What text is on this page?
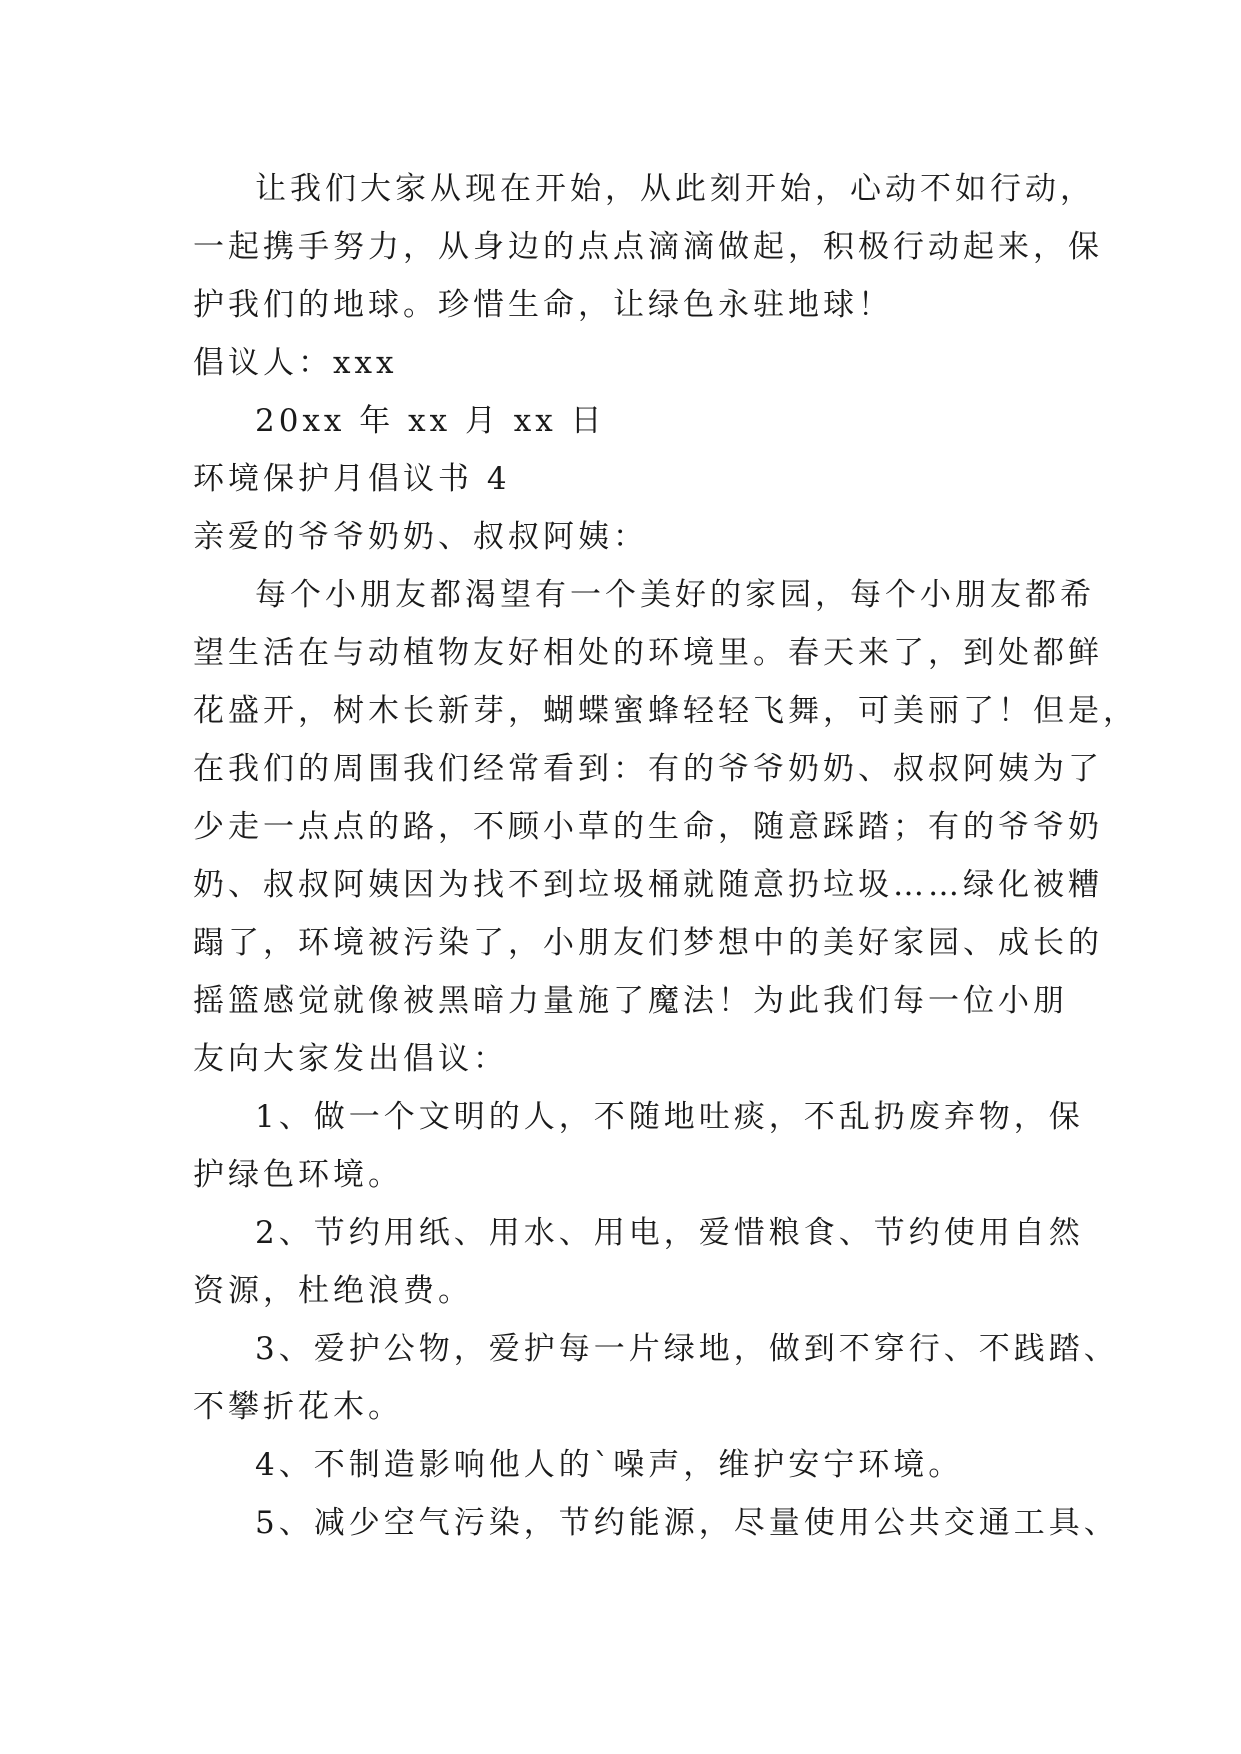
让我们大家从现在开始，从此刻开始，心动不如行动，

一起携手努力，从身边的点点滴滴做起，积极行动起来，保

护我们的地球。珍惜生命，让绿色永驻地球！

倡议人：xxx

20xx 年 xx 月 xx 日

环境保护月倡议书 4

亲爱的爷爷奶奶、叔叔阿姨：

每个小朋友都渴望有一个美好的家园，每个小朋友都希

望生活在与动植物友好相处的环境里。春天来了，到处都鲜

花盛开，树木长新芽，蝴蝶蜜蜂轻轻飞舞，可美丽了！但是，

在我们的周围我们经常看到：有的爷爷奶奶、叔叔阿姨为了

少走一点点的路，不顾小草的生命，随意踩踏；有的爷爷奶

奶、叔叔阿姨因为找不到垃圾桶就随意扔垃圾……绿化被糟

蹋了，环境被污染了，小朋友们梦想中的美好家园、成长的

摇篮感觉就像被黑暗力量施了魔法！为此我们每一位小朋

友向大家发出倡议：

1、做一个文明的人，不随地吐痰，不乱扔废弃物，保

护绿色环境。

2、节约用纸、用水、用电，爱惜粮食、节约使用自然

资源，杜绝浪费。

3、爱护公物，爱护每一片绿地，做到不穿行、不践踏、

不攀折花木。

4、不制造影响他人的`噪声，维护安宁环境。

5、减少空气污染，节约能源，尽量使用公共交通工具、
